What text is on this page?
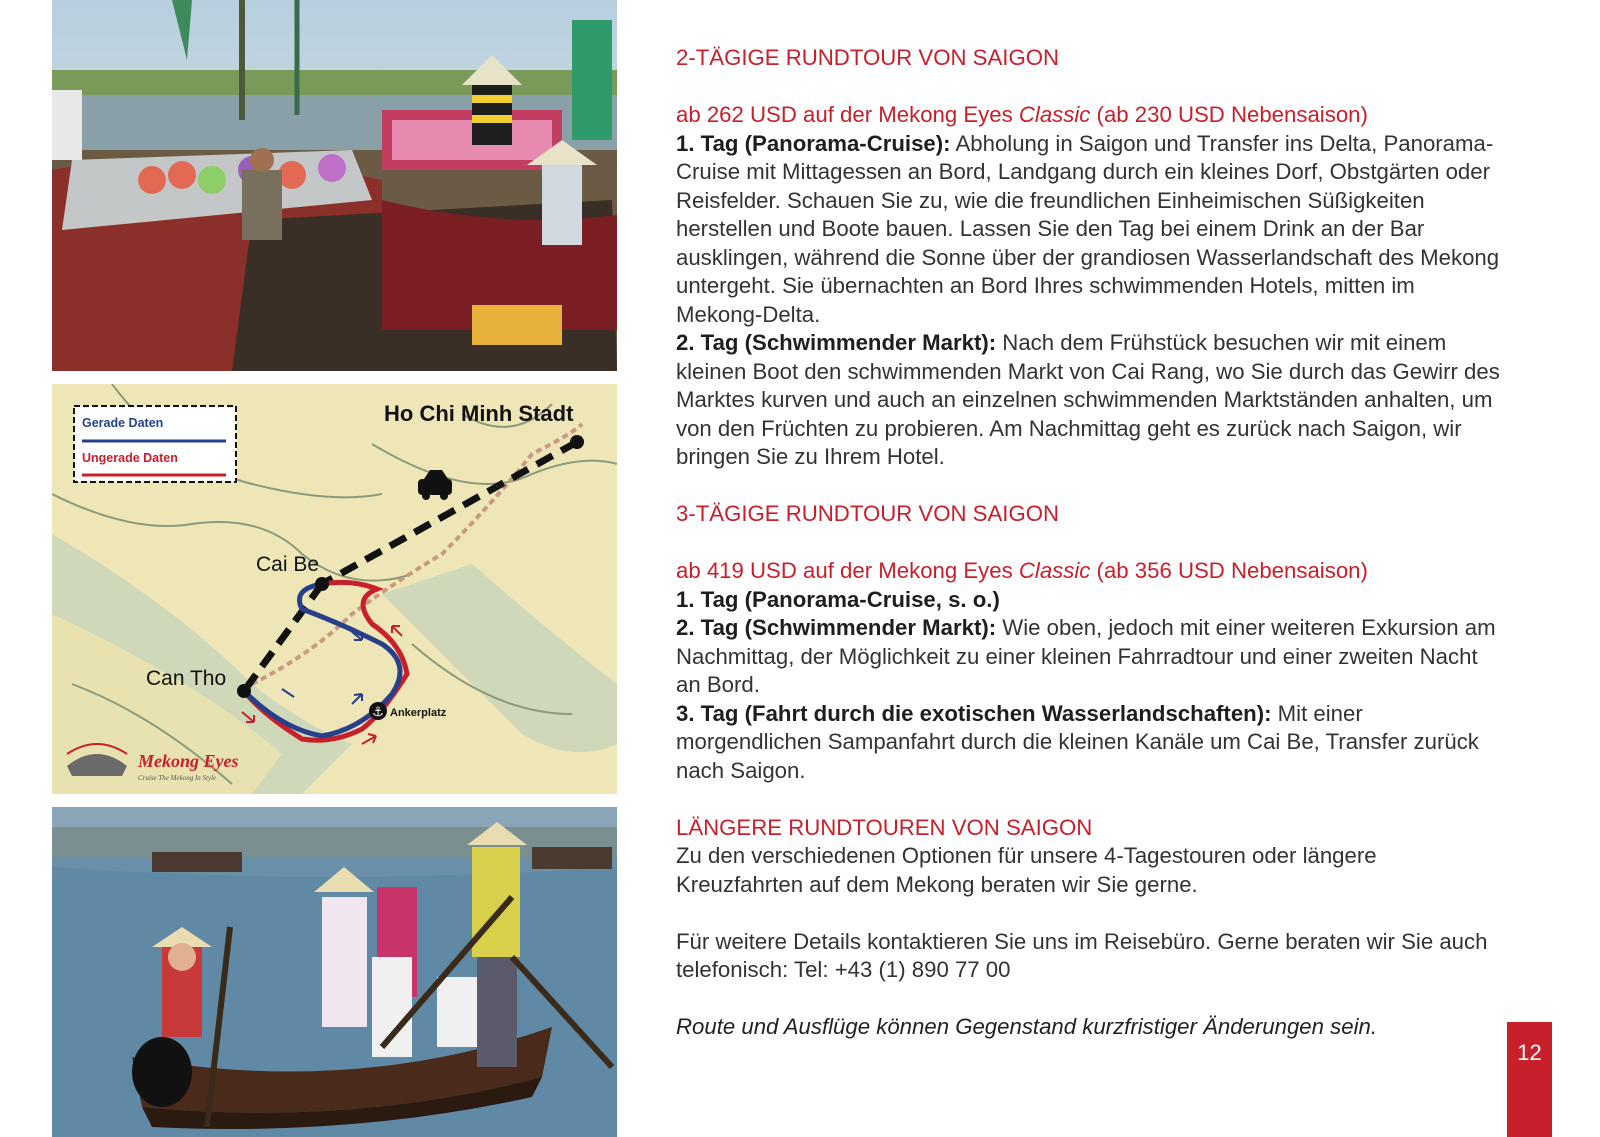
⚓
Gerade Daten
Ungerade Daten
Ho Chi Minh Stadt
Cai Be
Can Tho
Ankerplatz
Mekong Eyes
Cruise The Mekong In Style

2-TÄGIGE RUNDTOUR VON SAIGON

ab 262 USD auf der Mekong Eyes Classic (ab 230 USD Nebensaison)

1. Tag (Panorama-Cruise): Abholung in Saigon und Transfer ins Delta, Panorama-Cruise mit Mittagessen an Bord, Landgang durch ein kleines Dorf, Obstgärten oder Reisfelder. Schauen Sie zu, wie die freundlichen Einheimischen Süßigkeiten herstellen und Boote bauen. Lassen Sie den Tag bei einem Drink an der Bar ausklingen, während die Sonne über der grandiosen Wasserlandschaft des Mekong untergeht. Sie übernachten an Bord Ihres schwimmenden Hotels, mitten im Mekong-Delta.

2. Tag (Schwimmender Markt): Nach dem Frühstück besuchen wir mit einem kleinen Boot den schwimmenden Markt von Cai Rang, wo Sie durch das Gewirr des Marktes kurven und auch an einzelnen schwimmenden Marktständen anhalten, um von den Früchten zu probieren. Am Nachmittag geht es zurück nach Saigon, wir bringen Sie zu Ihrem Hotel.

3-TÄGIGE RUNDTOUR VON SAIGON

ab 419 USD auf der Mekong Eyes Classic (ab 356 USD Nebensaison)

1. Tag (Panorama-Cruise, s. o.)

2. Tag (Schwimmender Markt): Wie oben, jedoch mit einer weiteren Exkursion am Nachmittag, der Möglichkeit zu einer kleinen Fahrradtour und einer zweiten Nacht an Bord.

3. Tag (Fahrt durch die exotischen Wasserlandschaften): Mit einer morgendlichen Sampanfahrt durch die kleinen Kanäle um Cai Be, Transfer zurück nach Saigon.

LÄNGERE RUNDTOUREN VON SAIGON

Zu den verschiedenen Optionen für unsere 4-Tagestouren oder längere Kreuzfahrten auf dem Mekong beraten wir Sie gerne.

Für weitere Details kontaktieren Sie uns im Reisebüro. Gerne beraten wir Sie auch telefonisch: Tel: +43 (1) 890 77 00

Route und Ausflüge können Gegenstand kurzfristiger Änderungen sein.

12
